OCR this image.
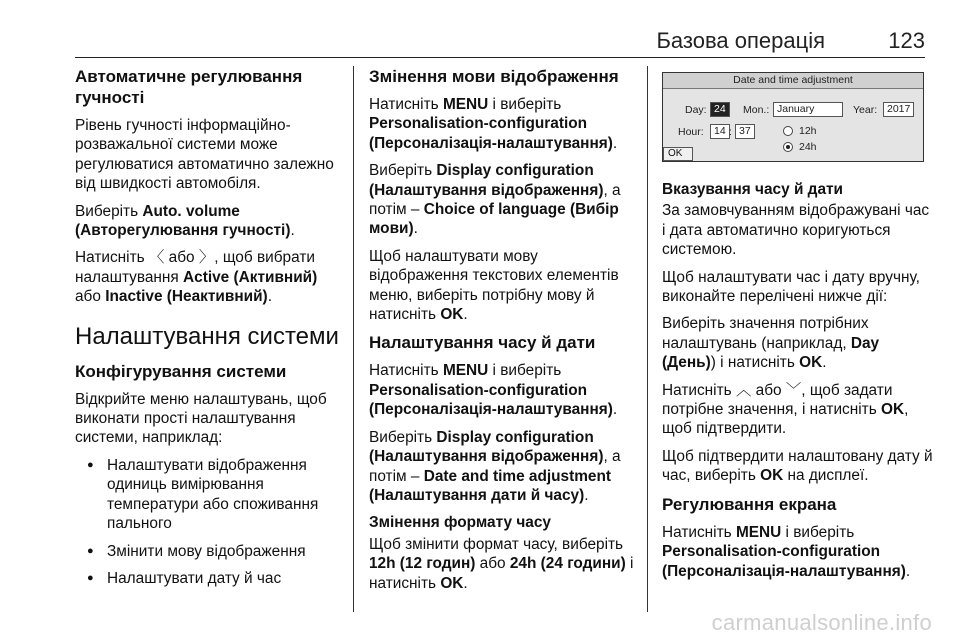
Базова операція	123
Автоматичне регулювання гучності

Рівень гучності інформаційно-розважальної системи може регулюватися автоматично залежно від швидкості автомобіля.

Виберіть Auto. volume (Авторегулювання гучності).

Натисніть 〈 або 〉, щоб вибрати налаштування Active (Активний) або Inactive (Неактивний).

Налаштування системи
Конфігурування системи

Відкрийте меню налаштувань, щоб виконати прості налаштування системи, наприклад:

● Налаштувати відображення одиниць вимірювання температури або споживання пального
● Змінити мову відображення
● Налаштувати дату й час
Змінення мови відображення

Натисніть MENU і виберіть Personalisation-configuration (Персоналізація-налаштування).

Виберіть Display configuration (Налаштування відображення), а потім – Choice of language (Вибір мови).

Щоб налаштувати мову відображення текстових елементів меню, виберіть потрібну мову й натисніть OK.

Налаштування часу й дати

Натисніть MENU і виберіть Personalisation-configuration (Персоналізація-налаштування).

Виберіть Display configuration (Налаштування відображення), а потім – Date and time adjustment (Налаштування дати й часу).

Змінення формату часу

Щоб змінити формат часу, виберіть 12h (12 годин) або 24h (24 години) і натисніть OK.

Date and time adjustment
Day: 24	Mon.: January	Year: 2017
Hour: 14 : 37	12h
24h
OK
Вказування часу й дати

За замовчуванням відображувані час і дата автоматично коригуються системою.

Щоб налаштувати час і дату вручну, виконайте перелічені нижче дії:

Виберіть значення потрібних налаштувань (наприклад, Day (День)) і натисніть OK.

Натисніть ︿ або ﹀, щоб задати потрібне значення, і натисніть OK, щоб підтвердити.

Щоб підтвердити налаштовану дату й час, виберіть OK на дисплеї.

Регулювання екрана

Натисніть MENU і виберіть Personalisation-configuration (Персоналізація-налаштування).

carmanualsonline.info
